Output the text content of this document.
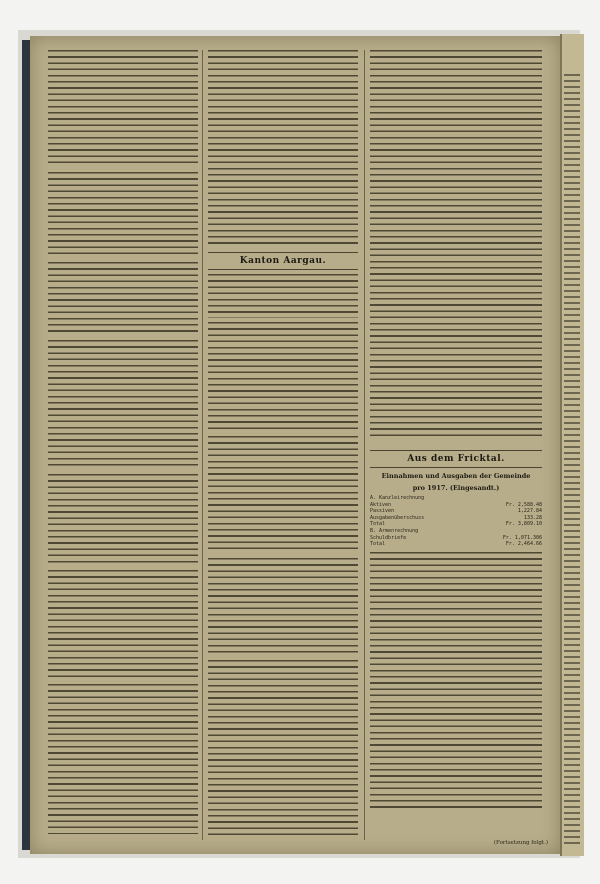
Kanton Aargau.
Aus dem Fricktal.
Einnahmen und Ausgaben der Gemeinde
pro 1917. (Eingesandt.)
A. Kanzleirechnung
Aktiven	Fr. 2,588.48
Passiven	1,227.84
Ausgabenüberschuss	133.28
Total	Fr. 3,809.10
B. Armenrechnung
Schuldbriefe	Fr. 1,071.306
Total	Fr. 2,464.66
(Fortsetzung folgt.)
